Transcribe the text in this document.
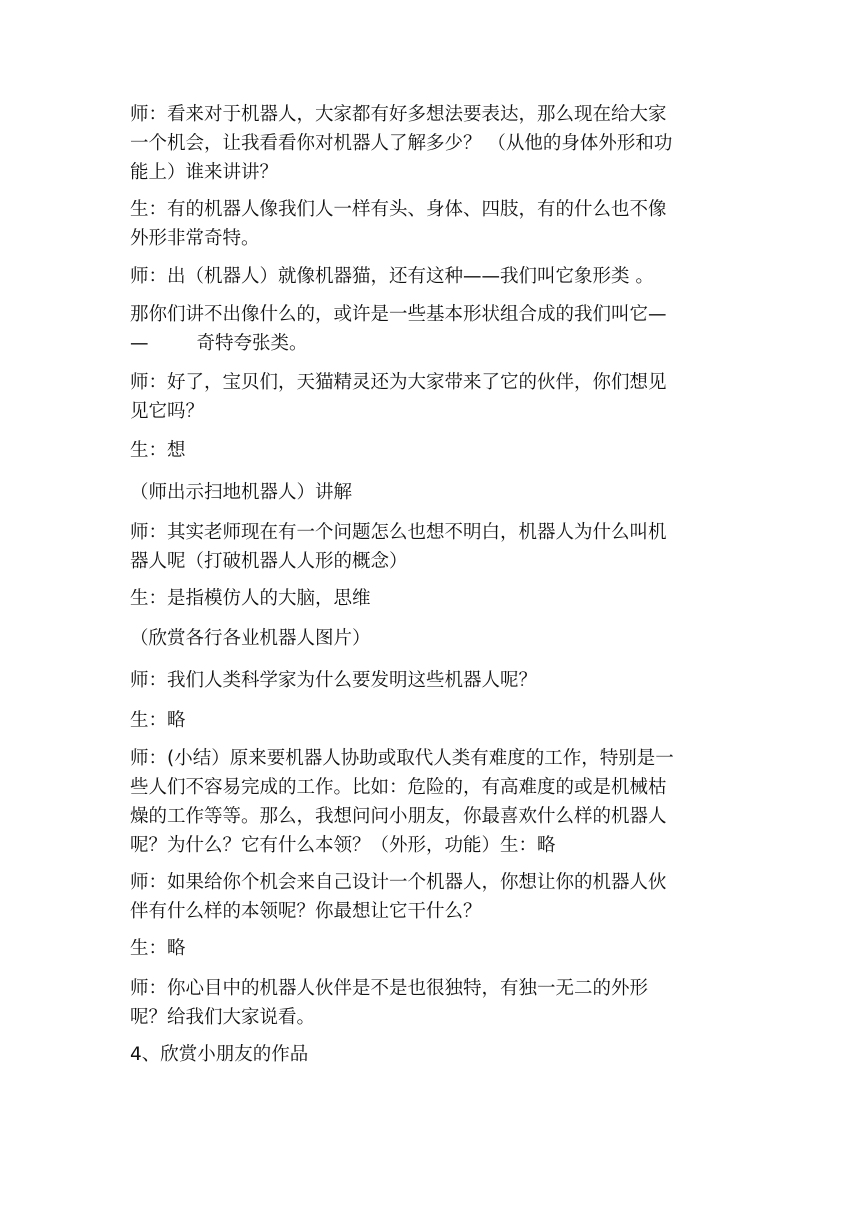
师：看来对于机器人，大家都有好多想法要表达，那么现在给大家
一个机会，让我看看你对机器人了解多少？ （从他的身体外形和功
能上）谁来讲讲？

生：有的机器人像我们人一样有头、身体、四肢，有的什么也不像
外形非常奇特。

师：出（机器人）就像机器猫，还有这种——我们叫它象形类 。

那你们讲不出像什么的，或许是一些基本形状组合成的我们叫它—
—	奇特夸张类。

师：好了，宝贝们，天猫精灵还为大家带来了它的伙伴，你们想见
见它吗？

生：想

（师出示扫地机器人）讲解

师：其实老师现在有一个问题怎么也想不明白，机器人为什么叫机
器人呢（打破机器人人形的概念）

生：是指模仿人的大脑，思维

（欣赏各行各业机器人图片）

师：我们人类科学家为什么要发明这些机器人呢？

生：略

师：(小结）原来要机器人协助或取代人类有难度的工作，特别是一
些人们不容易完成的工作。比如：危险的，有高难度的或是机械枯
燥的工作等等。那么，我想问问小朋友，你最喜欢什么样的机器人
呢？为什么？它有什么本领？（外形，功能）生：略

师：如果给你个机会来自己设计一个机器人，你想让你的机器人伙
伴有什么样的本领呢？你最想让它干什么？

生：略

师：你心目中的机器人伙伴是不是也很独特，有独一无二的外形
呢？给我们大家说看。

4、欣赏小朋友的作品
